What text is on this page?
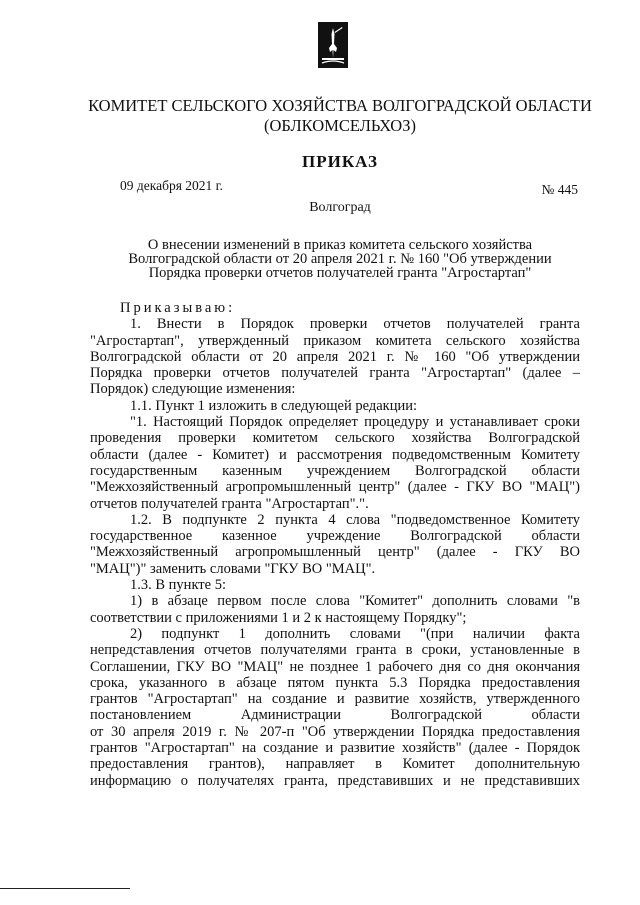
КОМИТЕТ СЕЛЬСКОГО ХОЗЯЙСТВА ВОЛГОГРАДСКОЙ ОБЛАСТИ
(ОБЛКОМСЕЛЬХОЗ)
ПРИКАЗ
09 декабря 2021 г.	№ 445
Волгоград
О внесении изменений в приказ комитета сельского хозяйства
Волгоградской области от 20 апреля 2021 г. № 160 "Об утверждении
Порядка проверки отчетов получателей гранта "Агростартап"
Приказываю:
1. Внести в Порядок проверки отчетов получателей гранта
"Агростартап", утвержденный приказом комитета сельского хозяйства
Волгоградской области от 20 апреля 2021 г. № 160 "Об утверждении
Порядка проверки отчетов получателей гранта "Агростартап" (далее –
Порядок) следующие изменения:
1.1. Пункт 1 изложить в следующей редакции:
"1. Настоящий Порядок определяет процедуру и устанавливает сроки
проведения проверки комитетом сельского хозяйства Волгоградской
области (далее - Комитет) и рассмотрения подведомственным Комитету
государственным казенным учреждением Волгоградской области
"Межхозяйственный агропромышленный центр" (далее - ГКУ ВО "МАЦ")
отчетов получателей гранта "Агростартап".".
1.2. В подпункте 2 пункта 4 слова "подведомственное Комитету
государственное казенное учреждение Волгоградской области
"Межхозяйственный агропромышленный центр" (далее - ГКУ ВО
"МАЦ")" заменить словами "ГКУ ВО "МАЦ".
1.3. В пункте 5:
1) в абзаце первом после слова "Комитет" дополнить словами "в
соответствии с приложениями 1 и 2 к настоящему Порядку";
2) подпункт 1 дополнить словами "(при наличии факта
непредставления отчетов получателями гранта в сроки, установленные в
Соглашении, ГКУ ВО "МАЦ" не позднее 1 рабочего дня со дня окончания
срока, указанного в абзаце пятом пункта 5.3 Порядка предоставления
грантов "Агростартап" на создание и развитие хозяйств, утвержденного
постановлением Администрации Волгоградской области
от 30 апреля 2019 г. № 207-п "Об утверждении Порядка предоставления
грантов "Агростартап" на создание и развитие хозяйств" (далее - Порядок
предоставления грантов), направляет в Комитет дополнительную
информацию о получателях гранта, представивших и не представивших
